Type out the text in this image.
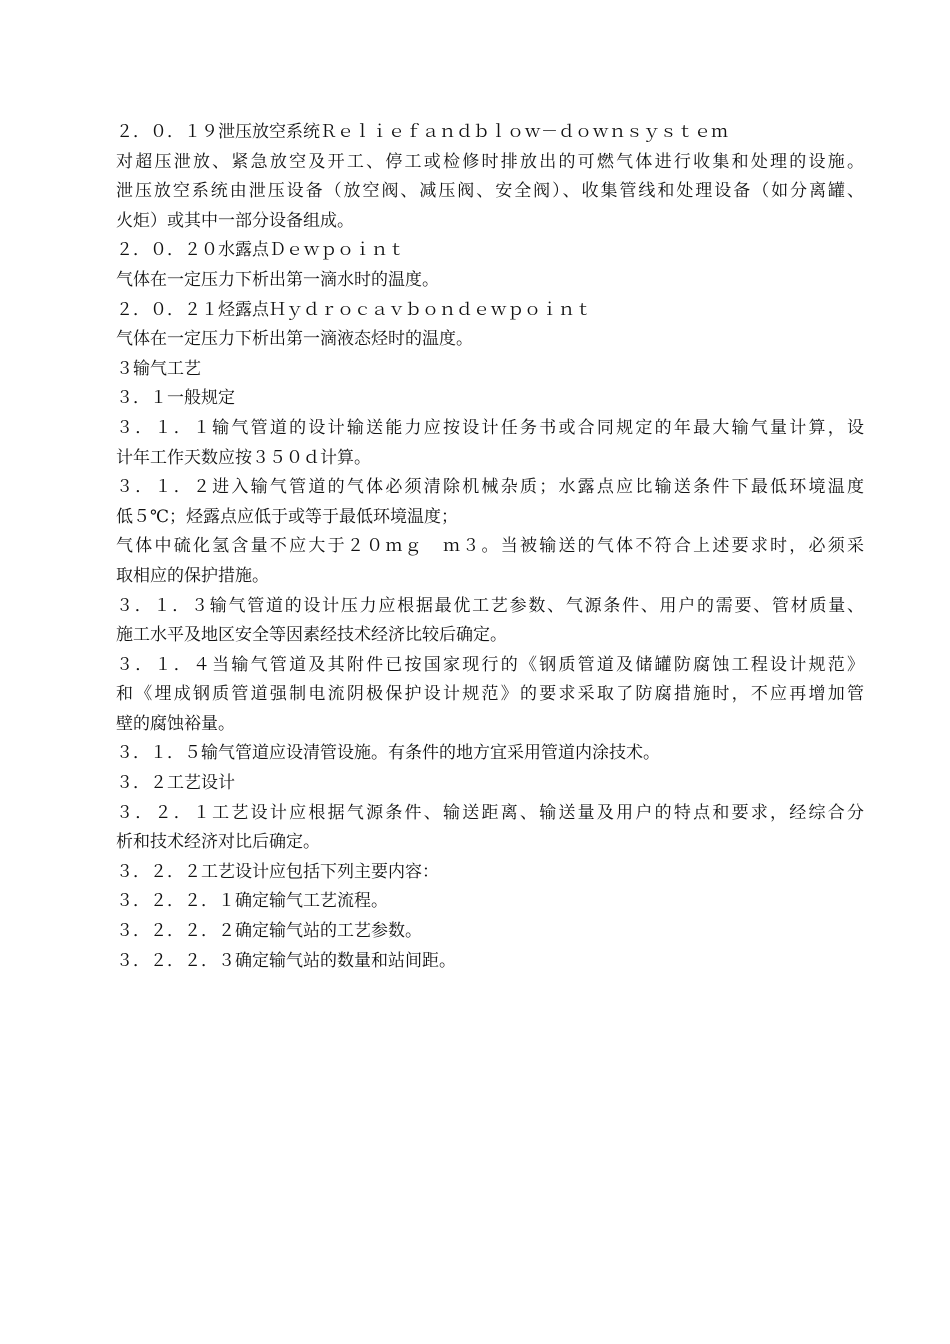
２．０．１９泄压放空系统Ｒｅｌｉｅｆａｎｄｂｌｏｗ－ｄｏｗｎｓｙｓｔｅｍ
对超压泄放、紧急放空及开工、停工或检修时排放出的可燃气体进行收集和处理的设施。
泄压放空系统由泄压设备（放空阀、减压阀、安全阀）、收集管线和处理设备（如分离罐、
火炬）或其中一部分设备组成。
２．０．２０水露点Ｄｅｗｐｏｉｎｔ
气体在一定压力下析出第一滴水时的温度。
２．０．２１烃露点Ｈｙｄｒｏｃａｖｂｏｎｄｅｗｐｏｉｎｔ
气体在一定压力下析出第一滴液态烃时的温度。
３输气工艺
３．１一般规定
３．１．１输气管道的设计输送能力应按设计任务书或合同规定的年最大输气量计算，设
计年工作天数应按３５０ｄ计算。
３．１．２进入输气管道的气体必须清除机械杂质；水露点应比输送条件下最低环境温度
低５℃；烃露点应低于或等于最低环境温度；
气体中硫化氢含量不应大于２０ｍｇ　ｍ３。当被输送的气体不符合上述要求时，必须采
取相应的保护措施。
３．１．３输气管道的设计压力应根据最优工艺参数、气源条件、用户的需要、管材质量、
施工水平及地区安全等因素经技术经济比较后确定。
３．１．４当输气管道及其附件已按国家现行的《钢质管道及储罐防腐蚀工程设计规范》
和《埋成钢质管道强制电流阴极保护设计规范》的要求采取了防腐措施时，不应再增加管
壁的腐蚀裕量。
３．１．５输气管道应设清管设施。有条件的地方宜采用管道内涂技术。
３．２工艺设计
３．２．１工艺设计应根据气源条件、输送距离、输送量及用户的特点和要求，经综合分
析和技术经济对比后确定。
３．２．２工艺设计应包括下列主要内容：
３．２．２．１确定输气工艺流程。
３．２．２．２确定输气站的工艺参数。
３．２．２．３确定输气站的数量和站间距。
